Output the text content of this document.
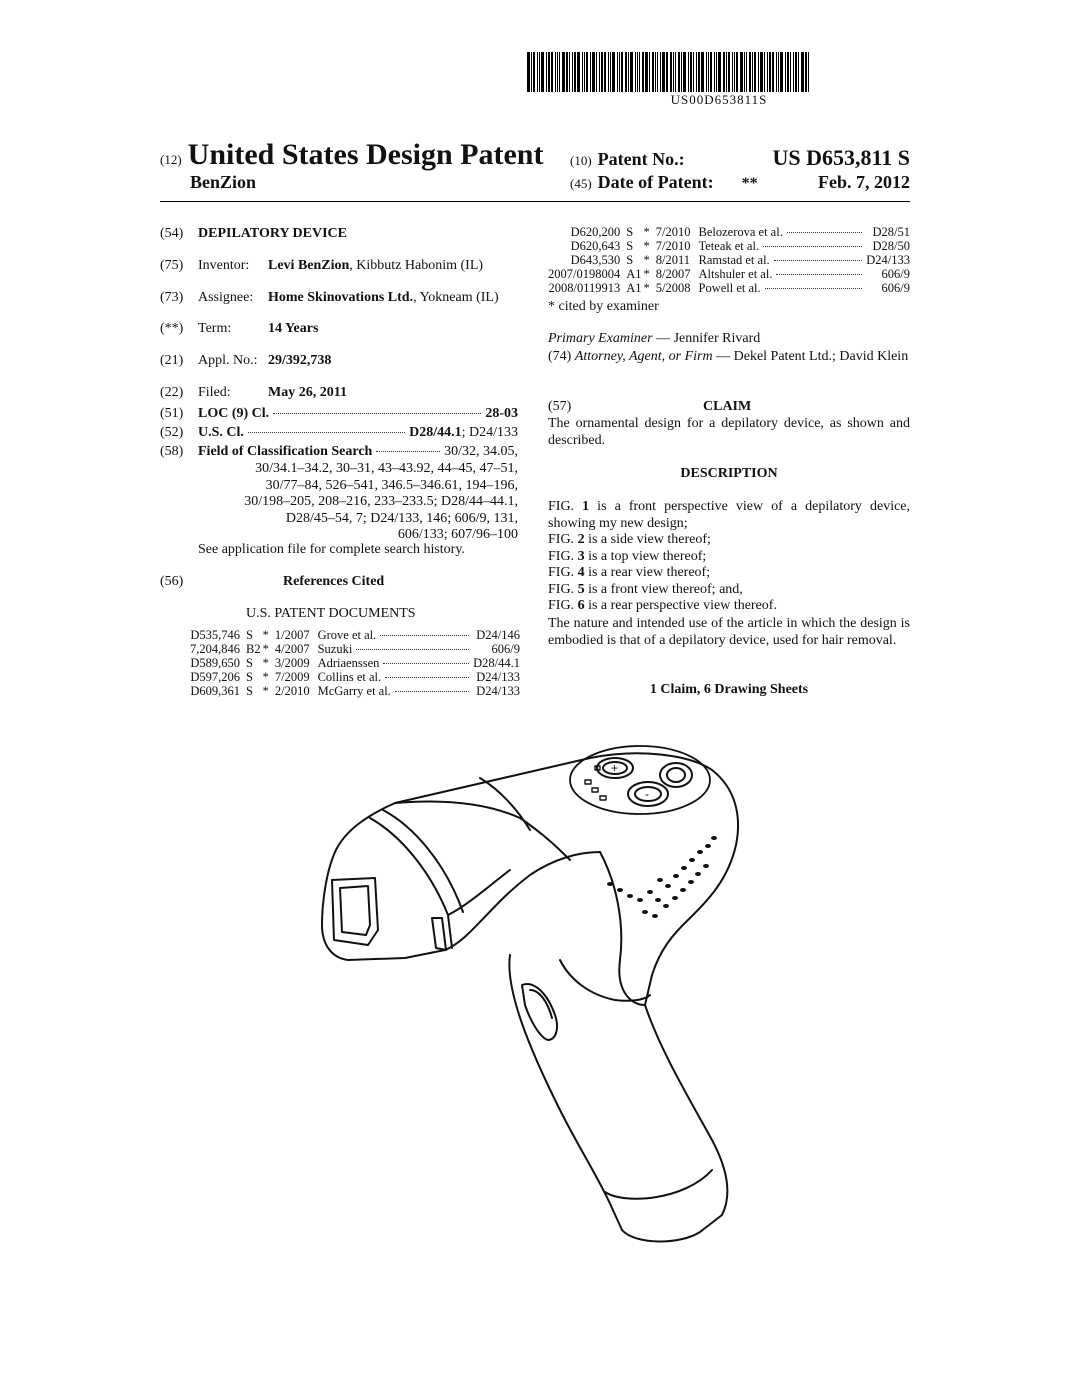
US00D653811S
(12) United States Design Patent
BenZion
(10) Patent No.:	US D653,811 S
(45) Date of Patent: **	Feb. 7, 2012
(54) DEPILATORY DEVICE
(75) Inventor: Levi BenZion, Kibbutz Habonim (IL)
(73) Assignee: Home Skinovations Ltd., Yokneam (IL)
(**) Term:	14 Years
(21) Appl. No.: 29/392,738
(22) Filed:	May 26, 2011
(51) LOC (9) Cl.	28-03
(52) U.S. Cl.	D28/44.1; D24/133
(58) Field of Classification Search	30/32, 34.05,
30/34.1–34.2, 30–31, 43–43.92, 44–45, 47–51,
30/77–84, 526–541, 346.5–346.61, 194–196,
30/198–205, 208–216, 233–233.5; D28/44–44.1,
D28/45–54, 7; D24/133, 146; 606/9, 131,
606/133; 607/96–100
See application file for complete search history.
(56)	References Cited
U.S. PATENT DOCUMENTS
D535,746	S	*	1/2007	Grove et al.	D24/146
7,204,846	B2	*	4/2007	Suzuki	606/9
D589,650	S	*	3/2009	Adriaenssen	D28/44.1
D597,206	S	*	7/2009	Collins et al.	D24/133
D609,361	S	*	2/2010	McGarry et al.	D24/133
D620,200	S	*	7/2010	Belozerova et al.	D28/51
D620,643	S	*	7/2010	Teteak et al.	D28/50
D643,530	S	*	8/2011	Ramstad et al.	D24/133
2007/0198004	A1	*	8/2007	Altshuler et al.	606/9
2008/0119913	A1	*	5/2008	Powell et al.	606/9
* cited by examiner
Primary Examiner — Jennifer Rivard
(74) Attorney, Agent, or Firm — Dekel Patent Ltd.; David Klein
(57)	CLAIM
The ornamental design for a depilatory device, as shown and described.
DESCRIPTION
FIG. 1 is a front perspective view of a depilatory device, showing my new design;
FIG. 2 is a side view thereof;
FIG. 3 is a top view thereof;
FIG. 4 is a rear view thereof;
FIG. 5 is a front view thereof; and,
FIG. 6 is a rear perspective view thereof.
The nature and intended use of the article in which the design is embodied is that of a depilatory device, used for hair removal.
1 Claim, 6 Drawing Sheets
+
-
